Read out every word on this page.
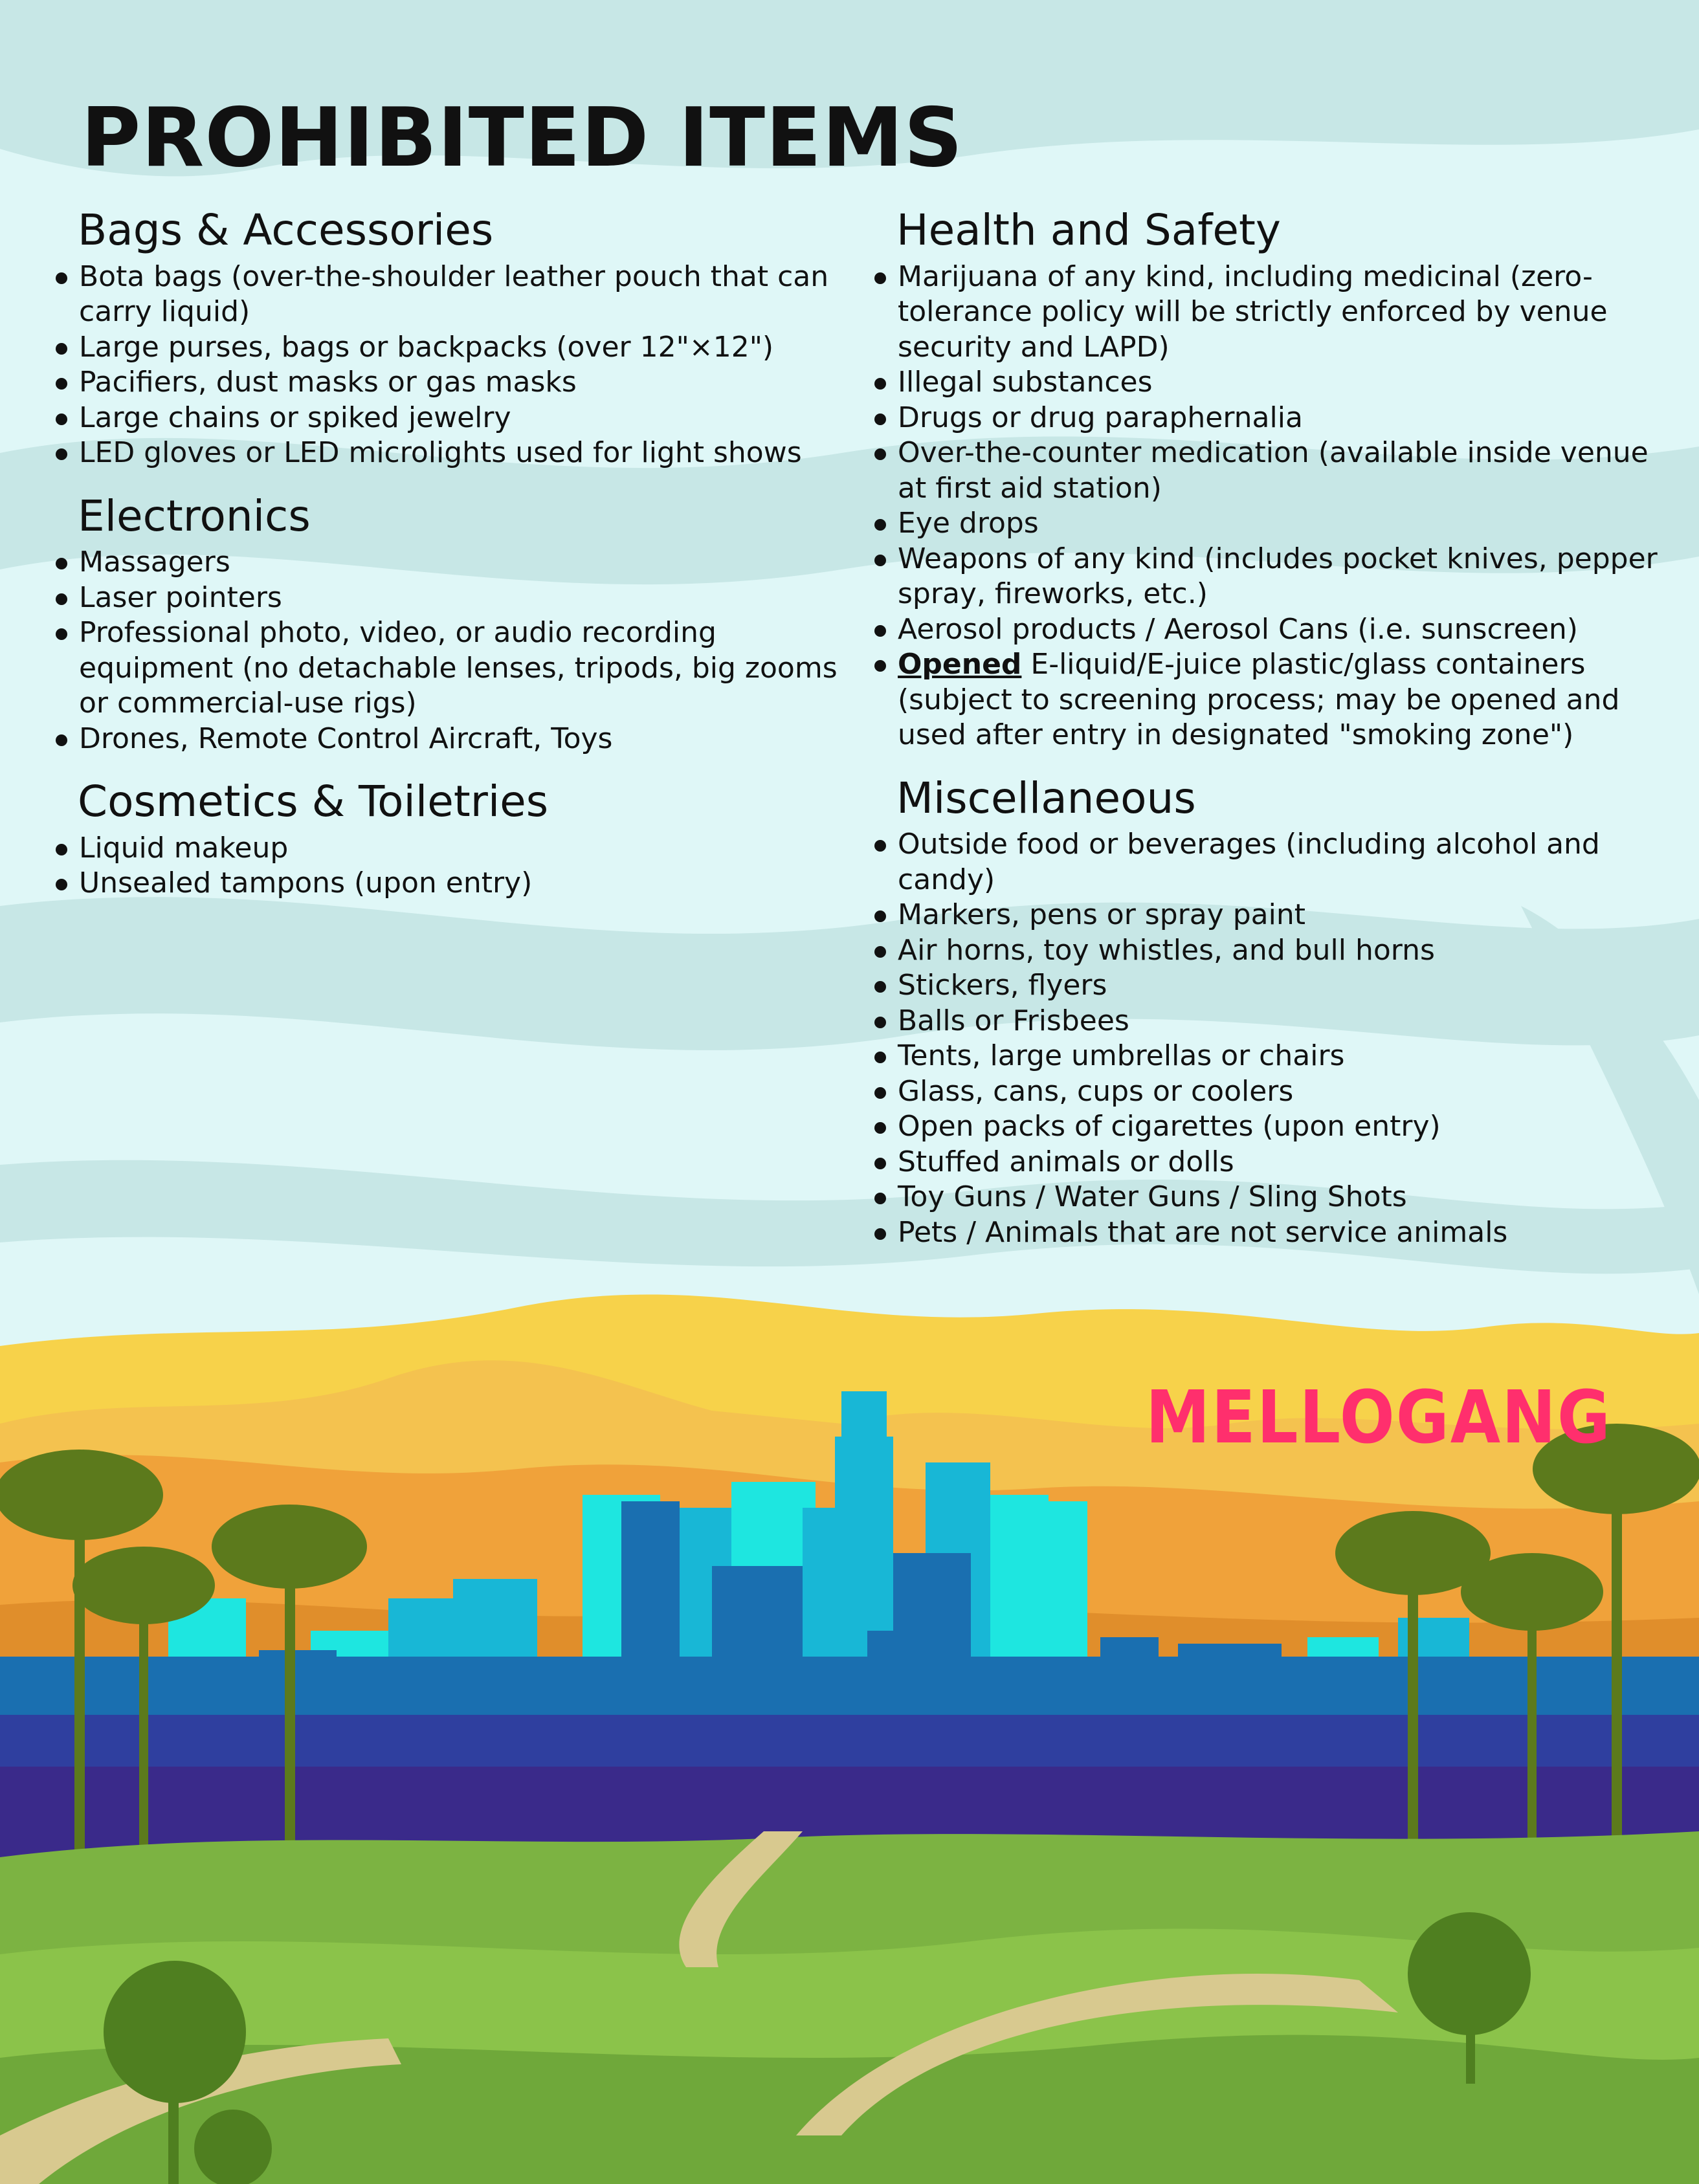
PROHIBITED ITEMS
Bags & Accessories
Bota bags (over-the-shoulder leather pouch that can carry liquid)
Large purses, bags or backpacks (over 12"×12")
Pacifiers, dust masks or gas masks
Large chains or spiked jewelry
LED gloves or LED microlights used for light shows
Electronics
Massagers
Laser pointers
Professional photo, video, or audio recording equipment (no detachable lenses, tripods, big zooms or commercial-use rigs)
Drones, Remote Control Aircraft, Toys
Cosmetics & Toiletries
Liquid makeup
Unsealed tampons (upon entry)
Health and Safety
Marijuana of any kind, including medicinal (zero-tolerance policy will be strictly enforced by venue security and LAPD)
Illegal substances
Drugs or drug paraphernalia
Over-the-counter medication (available inside venue at first aid station)
Eye drops
Weapons of any kind (includes pocket knives, pepper spray, fireworks, etc.)
Aerosol products / Aerosol Cans (i.e. sunscreen)
Opened E-liquid/E-juice plastic/glass containers (subject to screening process; may be opened and used after entry in designated "smoking zone")
Miscellaneous
Outside food or beverages (including alcohol and candy)
Markers, pens or spray paint
Air horns, toy whistles, and bull horns
Stickers, flyers
Balls or Frisbees
Tents, large umbrellas or chairs
Glass, cans, cups or coolers
Open packs of cigarettes (upon entry)
Stuffed animals or dolls
Toy Guns / Water Guns / Sling Shots
Pets / Animals that are not service animals
MELLOGANG
